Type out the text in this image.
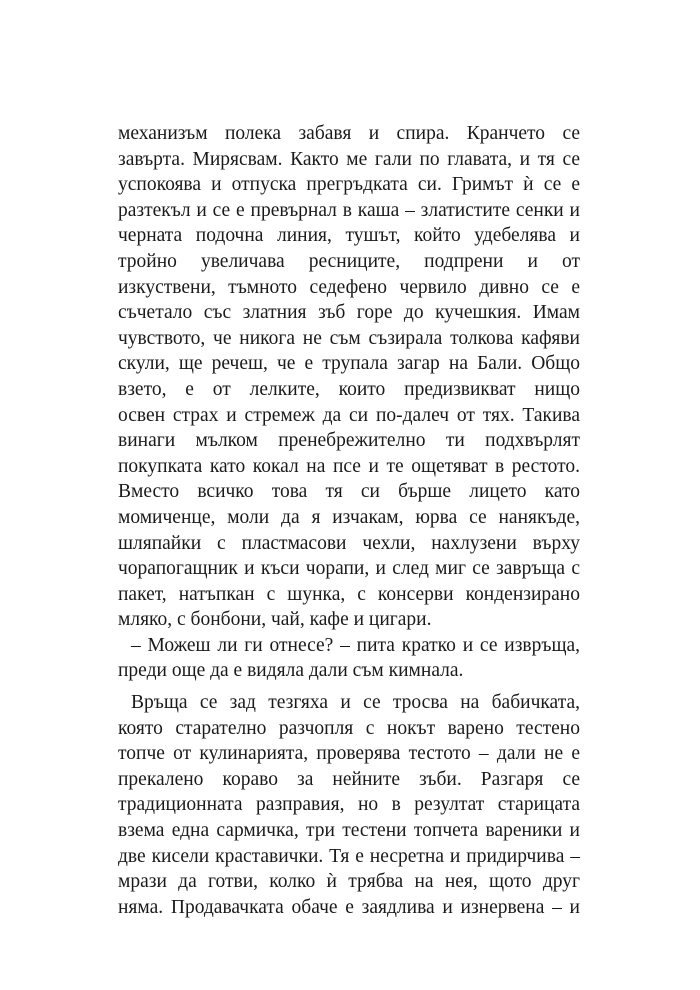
механизъм полека забавя и спира. Кранчето се
завърта. Мирясвам. Както ме гали по главата, и тя се
успокоява и отпуска прегръдката си. Гримът ѝ се е
разтекъл и се е превърнал в каша – златистите сенки и
черната подочна линия, тушът, който удебелява и
тройно увеличава ресниците, подпрени и от
изкуствени, тъмното седефено червило дивно се е
съчетало със златния зъб горе до кучешкия. Имам
чувството, че никога не съм съзирала толкова кафяви
скули, ще речеш, че е трупала загар на Бали. Общо
взето, е от лелките, които предизвикват нищо
освен страх и стремеж да си по-далеч от тях. Такива
винаги мълком пренебрежително ти подхвърлят
покупката като кокал на псе и те ощетяват в рестото.
Вместо всичко това тя си бърше лицето като
момиченце, моли да я изчакам, юрва се нанякъде,
шляпайки с пластмасови чехли, нахлузени върху
чорапогащник и къси чорапи, и след миг се завръща с
пакет, натъпкан с шунка, с консерви кондензирано
мляко, с бонбони, чай, кафе и цигари.
– Можеш ли ги отнесе? – пита кратко и се извръща,
преди още да е видяла дали съм кимнала.
Връща се зад тезгяха и се тросва на бабичката,
която старателно разчопля с нокът варено тестено
топче от кулинарията, проверява тестото – дали не е
прекалено кораво за нейните зъби. Разгаря се
традиционната разправия, но в резултат старицата
взема една сармичка, три тестени топчета вареники и
две кисели краставички. Тя е несретна и придирчива –
мрази да готви, колко ѝ трябва на нея, щото друг
няма. Продавачката обаче е заядлива и изнервена – и
